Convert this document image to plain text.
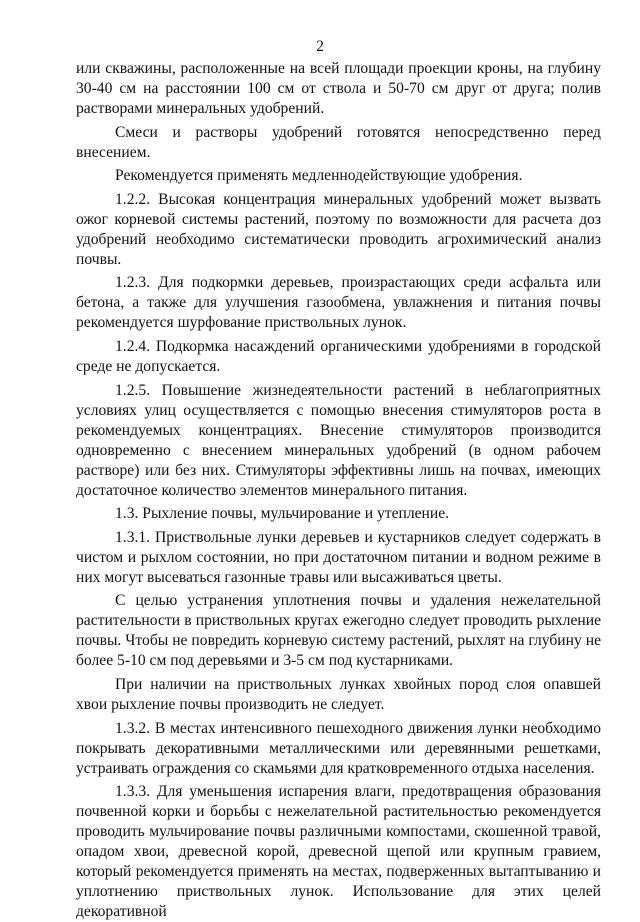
2

или скважины, расположенные на всей площади проекции кроны, на глубину 30-40 см на расстоянии 100 см от ствола и 50-70 см друг от друга; полив растворами минеральных удобрений.

Смеси и растворы удобрений готовятся непосредственно перед внесением.

Рекомендуется применять медленнодействующие удобрения.

1.2.2. Высокая концентрация минеральных удобрений может вызвать ожог корневой системы растений, поэтому по возможности для расчета доз удобрений необходимо систематически проводить агрохимический анализ почвы.

1.2.3. Для подкормки деревьев, произрастающих среди асфальта или бетона, а также для улучшения газообмена, увлажнения и питания почвы рекомендуется шурфование приствольных лунок.

1.2.4. Подкормка насаждений органическими удобрениями в городской среде не допускается.

1.2.5. Повышение жизнедеятельности растений в неблагоприятных условиях улиц осуществляется с помощью внесения стимуляторов роста в рекомендуемых концентрациях. Внесение стимуляторов производится одновременно с внесением минеральных удобрений (в одном рабочем растворе) или без них. Стимуляторы эффективны лишь на почвах, имеющих достаточное количество элементов минерального питания.

1.3. Рыхление почвы, мульчирование и утепление.

1.3.1. Приствольные лунки деревьев и кустарников следует содержать в чистом и рыхлом состоянии, но при достаточном питании и водном режиме в них могут высеваться газонные травы или высаживаться цветы.

С целью устранения уплотнения почвы и удаления нежелательной растительности в приствольных кругах ежегодно следует проводить рыхление почвы. Чтобы не повредить корневую систему растений, рыхлят на глубину не более 5-10 см под деревьями и 3-5 см под кустарниками.

При наличии на приствольных лунках хвойных пород слоя опавшей хвои рыхление почвы производить не следует.

1.3.2. В местах интенсивного пешеходного движения лунки необходимо покрывать декоративными металлическими или деревянными решетками, устраивать ограждения со скамьями для кратковременного отдыха населения.

1.3.3. Для уменьшения испарения влаги, предотвращения образования почвенной корки и борьбы с нежелательной растительностью рекомендуется проводить мульчирование почвы различными компостами, скошенной травой, опадом хвои, древесной корой, древесной щепой или крупным гравием, который рекомендуется применять на местах, подверженных вытаптыванию и уплотнению приствольных лунок. Использование для этих целей декоративной
